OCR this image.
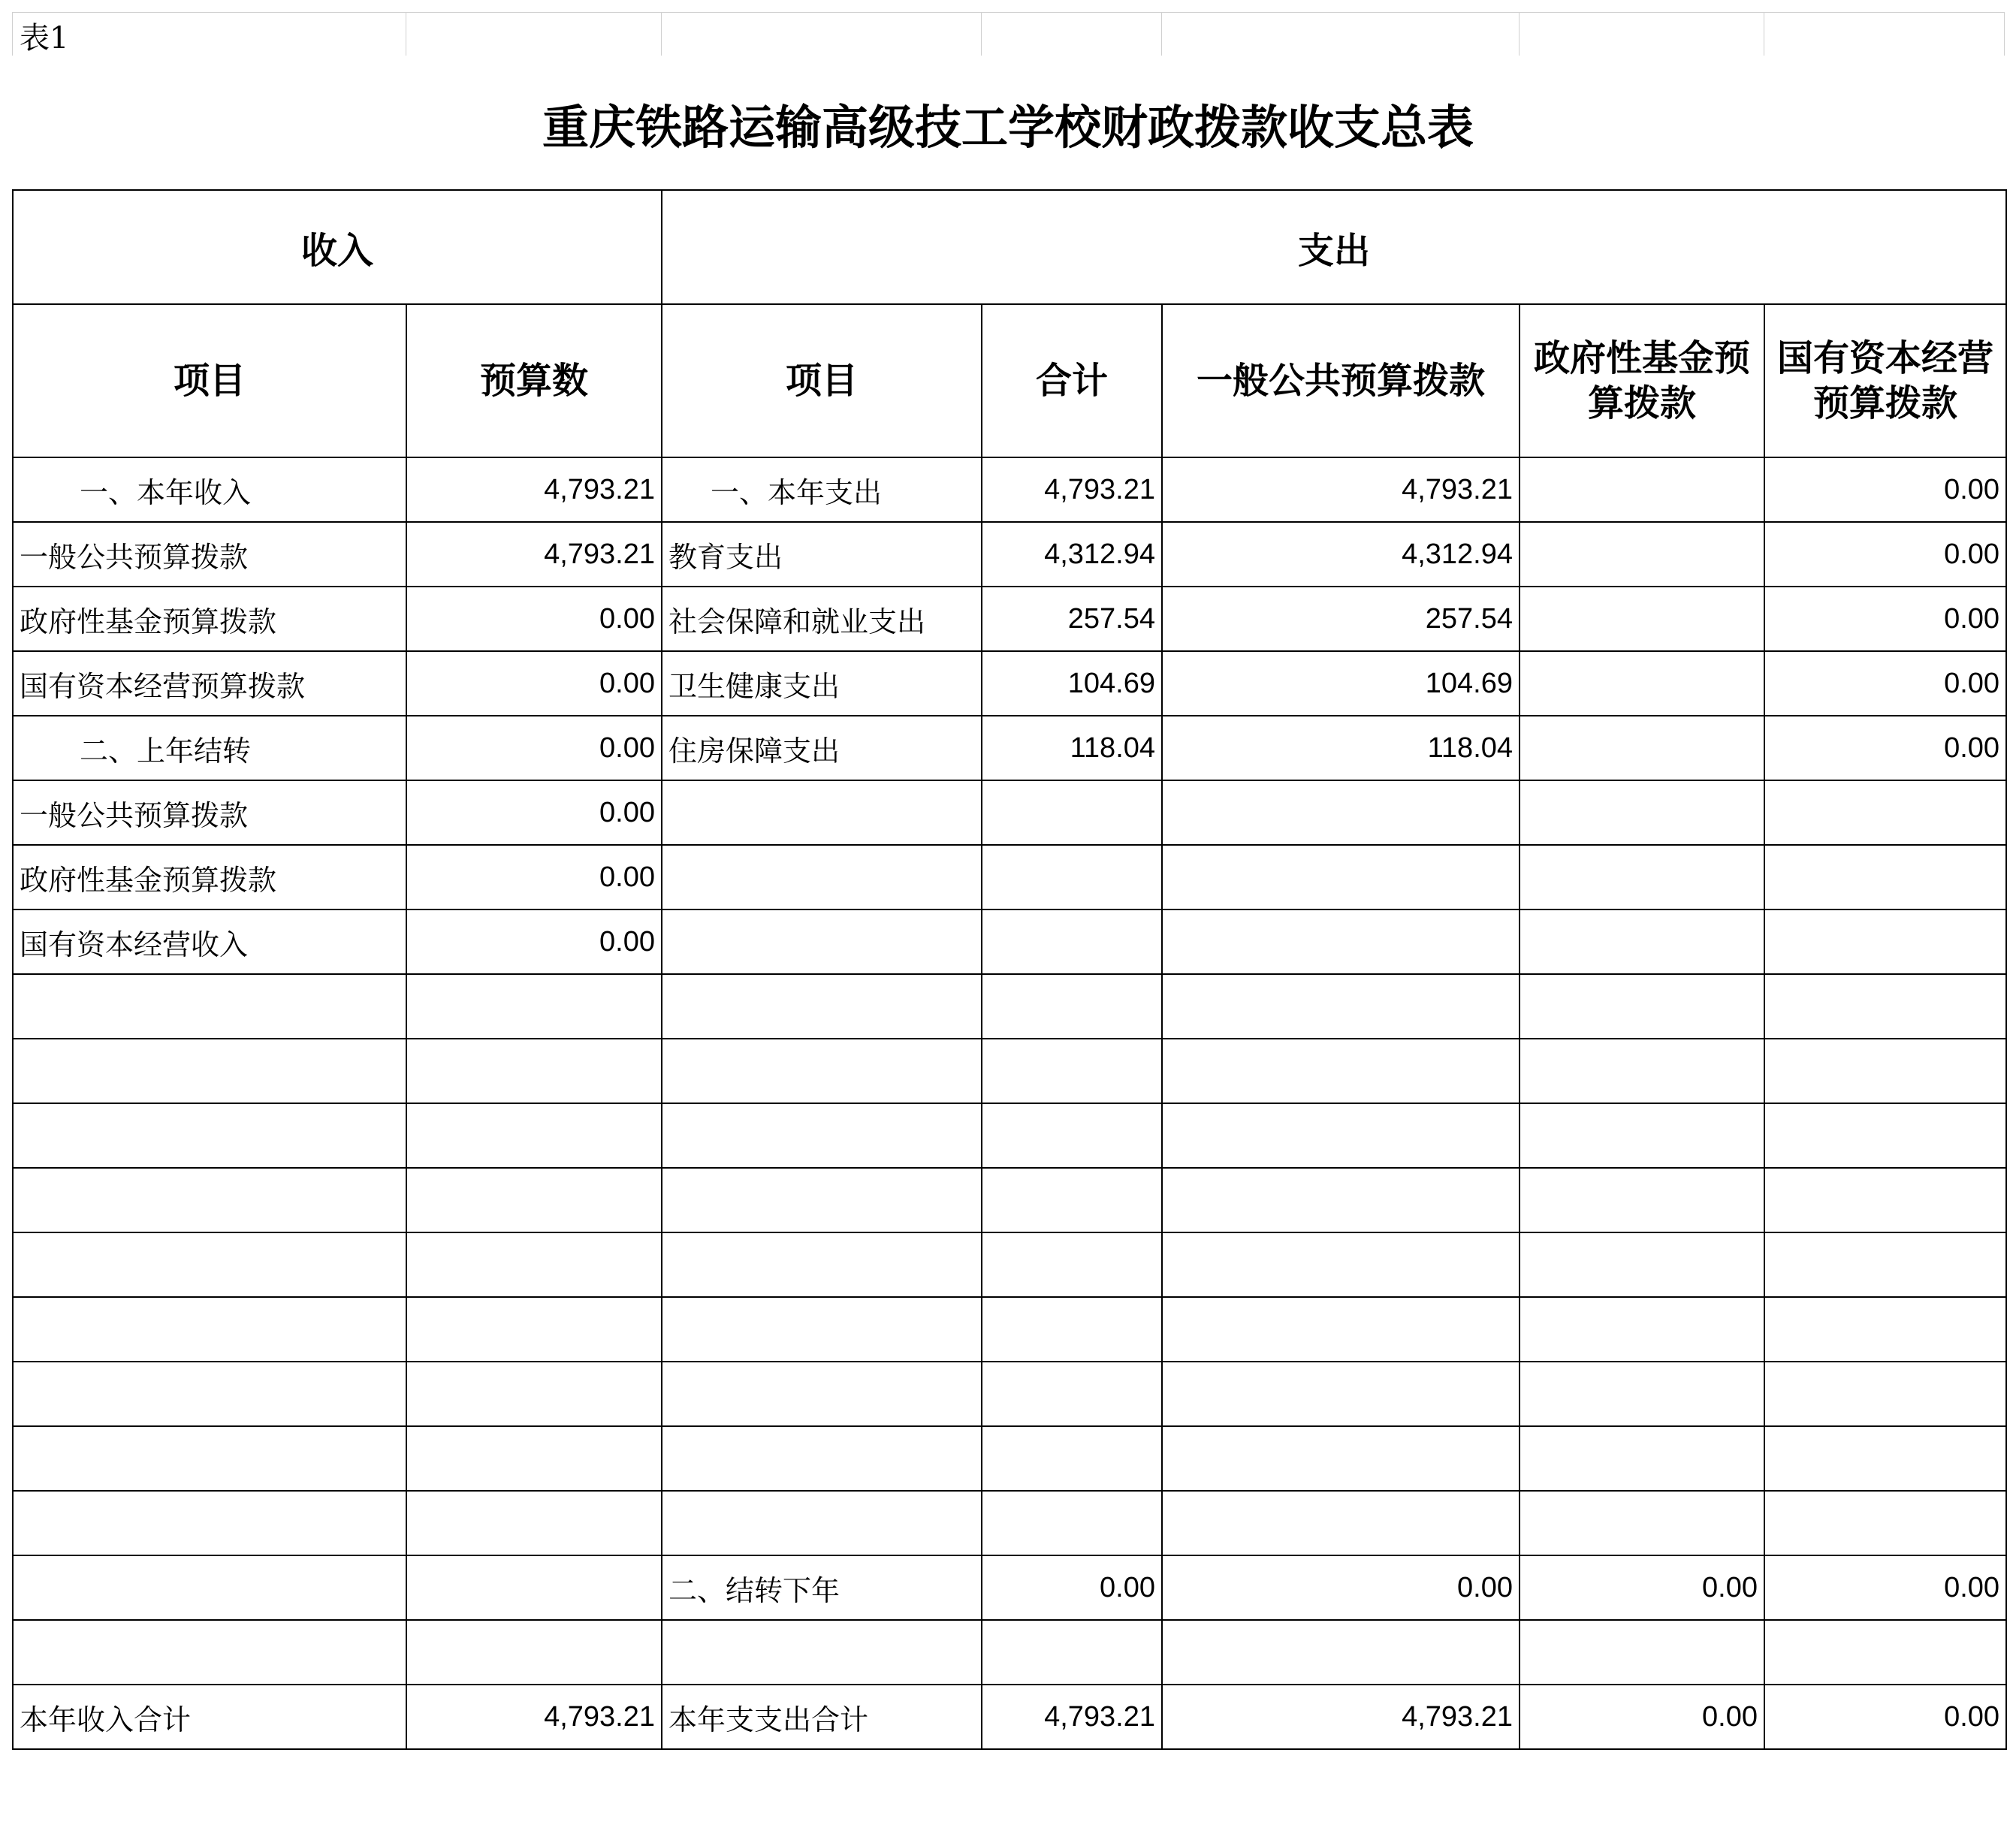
表1
重庆铁路运输高级技工学校财政拨款收支总表
收入		支出				
项目	预算数	项目	合计	一般公共预算拨款	政府性基金预算拨款	国有资本经营预算拨款
一、本年收入	4,793.21	一、本年支出	4,793.21	4,793.21		0.00
一般公共预算拨款	4,793.21	教育支出	4,312.94	4,312.94		0.00
政府性基金预算拨款	0.00	社会保障和就业支出	257.54	257.54		0.00
国有资本经营预算拨款	0.00	卫生健康支出	104.69	104.69		0.00
二、上年结转	0.00	住房保障支出	118.04	118.04		0.00
一般公共预算拨款	0.00					
政府性基金预算拨款	0.00					
国有资本经营收入	0.00					

		二、结转下年	0.00	0.00	0.00	0.00

本年收入合计	4,793.21	本年支支出合计	4,793.21	4,793.21	0.00	0.00
